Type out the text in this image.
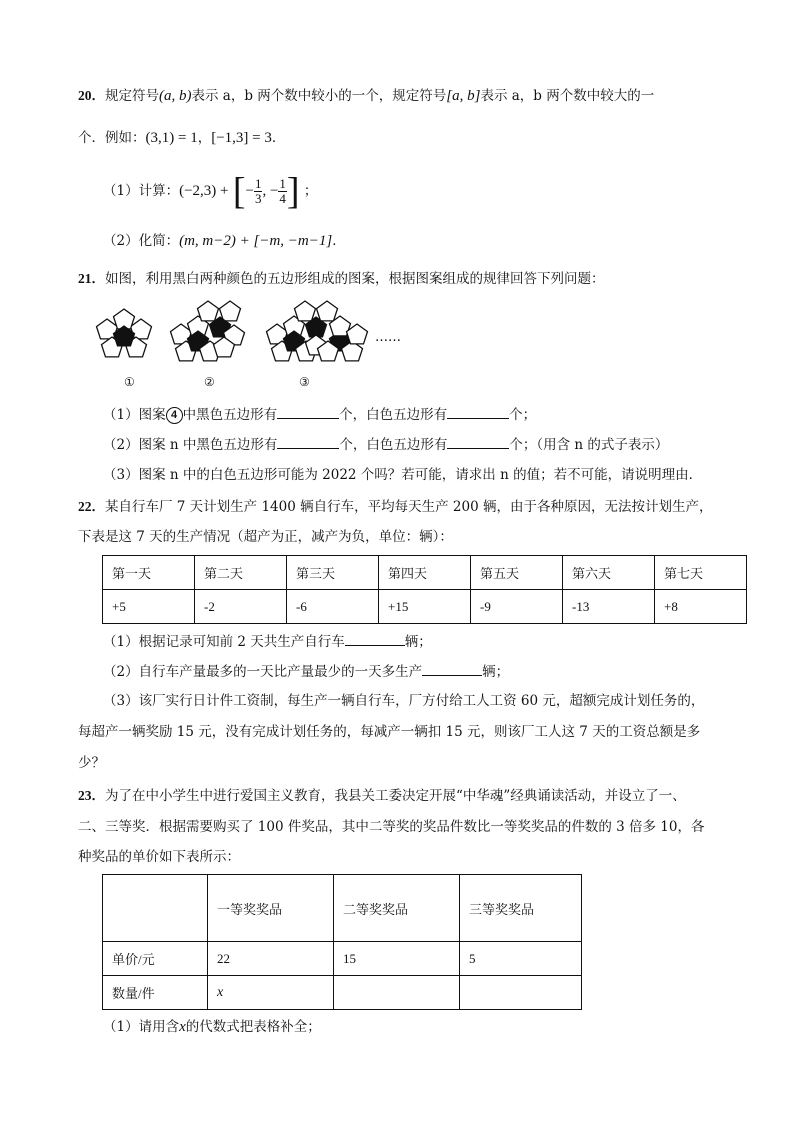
20．规定符号(a, b)表示 a，b 两个数中较小的一个，规定符号[a, b]表示 a，b 两个数中较大的一
个．例如：(3,1) = 1，[−1,3] = 3．
（1）计算：(−2,3) + [− $\frac{1}{3}$ , − $\frac{1}{4}$ ] ；
（2）化简：(m, m−2) + [−m, −m−1]．
21．如图，利用黑白两种颜色的五边形组成的图案，根据图案组成的规律回答下列问题：
……
①	②	③
（1）图案 4 中黑色五边形有	个，白色五边形有	个；
（2）图案 n 中黑色五边形有	个，白色五边形有	个；（用含 n 的式子表示）
（3）图案 n 中的白色五边形可能为 2022 个吗？若可能，请求出 n 的值；若不可能，请说明理由．
22．某自行车厂 7 天计划生产 1400 辆自行车，平均每天生产 200 辆，由于各种原因，无法按计划生产，
下表是这 7 天的生产情况（超产为正，减产为负，单位：辆）：
第一天	第二天	第三天	第四天	第五天	第六天	第七天
+5	-2	-6	+15	-9	-13	+8
（1）根据记录可知前 2 天共生产自行车	辆；
（2）自行车产量最多的一天比产量最少的一天多生产	辆；
（3）该厂实行日计件工资制，每生产一辆自行车，厂方付给工人工资 60 元，超额完成计划任务的，
每超产一辆奖励 15 元，没有完成计划任务的，每减产一辆扣 15 元，则该厂工人这 7 天的工资总额是多
少？
23．为了在中小学生中进行爱国主义教育，我县关工委决定开展“中华魂”经典诵读活动，并设立了一、
二、三等奖．根据需要购买了 100 件奖品，其中二等奖的奖品件数比一等奖奖品的件数的 3 倍多 10，各
种奖品的单价如下表所示：
	一等奖奖品	二等奖奖品	三等奖奖品
单价/元	22	15	5
数量/件	x		
（1）请用含x的代数式把表格补全；
